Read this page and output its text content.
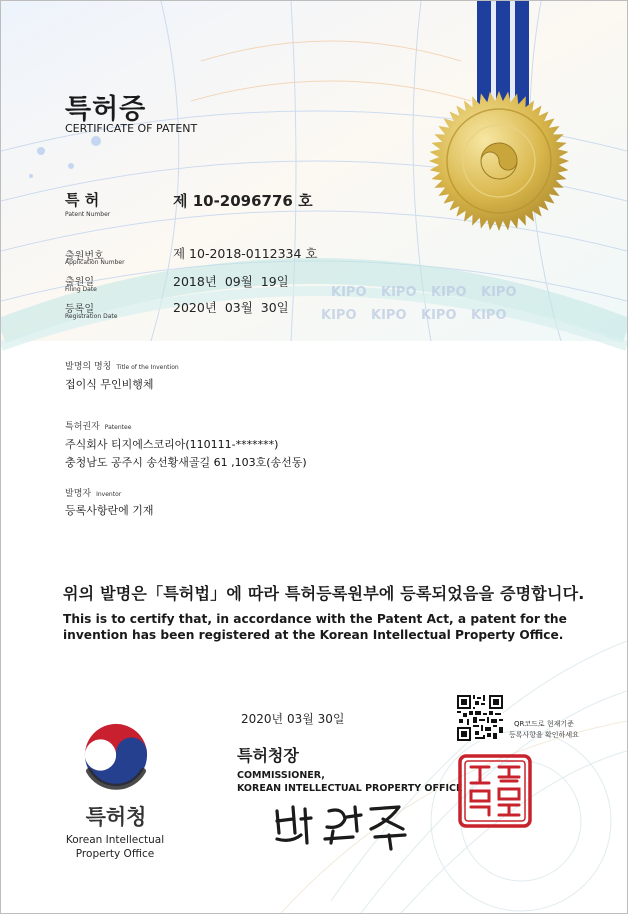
KIPO KIPO KIPO KIPO
KIPO KIPO KIPO KIPO
특허증
CERTIFICATE OF PATENT
특 허
Patent Number
제 10-2096776 호
출원번호
Application Number
제 10-2018-0112334 호
출원일
Filing Date
2018년  09월  19일
등록일
Registration Date
2020년  03월  30일
발명의 명칭 Title of the Invention
접이식 무인비행체
특허권자 Patentee
주식회사 티지에스코리아(110111-*******)
충청남도 공주시 송선황새골길 61 ,103호(송선동)
발명자 Inventor
등록사항란에 기재
위의 발명은「특허법」에 따라 특허등록원부에 등록되었음을 증명합니다.
This is to certify that, in accordance with the Patent Act, a patent for the invention has been registered at the Korean Intellectual Property Office.
2020년 03월 30일	QR코드로 현재기준
등록사항을 확인하세요
특허청장
COMMISSIONER,
KOREAN INTELLECTUAL PROPERTY OFFICE
특허청
Korean Intellectual
Property Office
